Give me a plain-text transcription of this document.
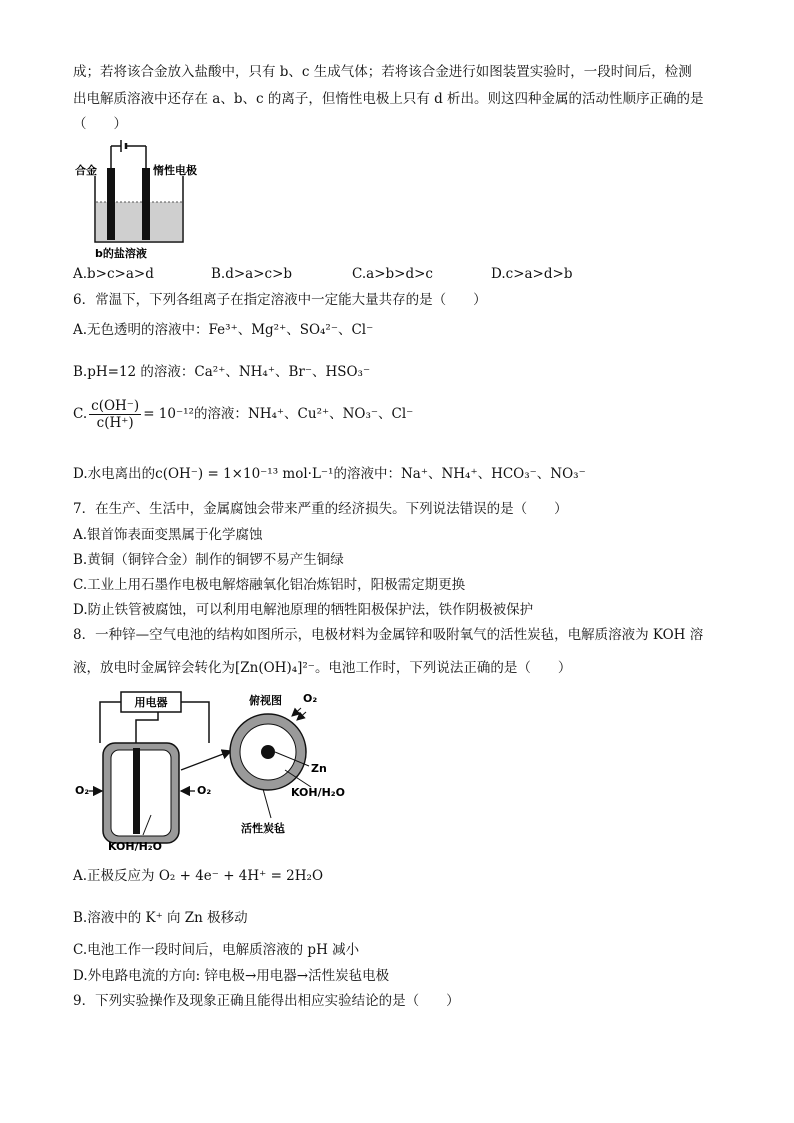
成；若将该合金放入盐酸中，只有 b、c 生成气体；若将该合金进行如图装置实验时，一段时间后，检测
出电解质溶液中还存在 a、b、c 的离子，但惰性电极上只有 d 析出。则这四种金属的活动性顺序正确的是
（　　）
合金	惰性电极
b的盐溶液
A.b>c>a>d	B.d>a>c>b	C.a>b>d>c	D.c>a>d>b
6．常温下，下列各组离子在指定溶液中一定能大量共存的是（　　）
A.无色透明的溶液中：Fe³⁺、Mg²⁺、SO₄²⁻、Cl⁻
B.pH=12 的溶液：Ca²⁺、NH₄⁺、Br⁻、HSO₃⁻
C. $\frac{c(OH^-)}{c(H^+)} = 10^{-12}$的溶液：NH₄⁺、Cu²⁺、NO₃⁻、Cl⁻
D.水电离出的c(OH⁻) = 1×10⁻¹³ mol·L⁻¹的溶液中：Na⁺、NH₄⁺、HCO₃⁻、NO₃⁻
7．在生产、生活中，金属腐蚀会带来严重的经济损失。下列说法错误的是（　　）
A.银首饰表面变黑属于化学腐蚀
B.黄铜（铜锌合金）制作的铜锣不易产生铜绿
C.工业上用石墨作电极电解熔融氧化铝冶炼铝时，阳极需定期更换
D.防止铁管被腐蚀，可以利用电解池原理的牺牲阳极保护法，铁作阴极被保护
8．一种锌—空气电池的结构如图所示，电极材料为金属锌和吸附氧气的活性炭毡，电解质溶液为 KOH 溶
液，放电时金属锌会转化为[Zn(OH)₄]²⁻。电池工作时，下列说法正确的是（　　）
用电器
O₂	O₂
KOH/H₂O
俯视图 O₂
Zn
KOH/H₂O
活性炭毡
A.正极反应为 O₂ + 4e⁻ + 4H⁺ = 2H₂O
B.溶液中的 K⁺ 向 Zn 极移动
C.电池工作一段时间后，电解质溶液的 pH 减小
D.外电路电流的方向: 锌电极→用电器→活性炭毡电极
9．下列实验操作及现象正确且能得出相应实验结论的是（　　）
